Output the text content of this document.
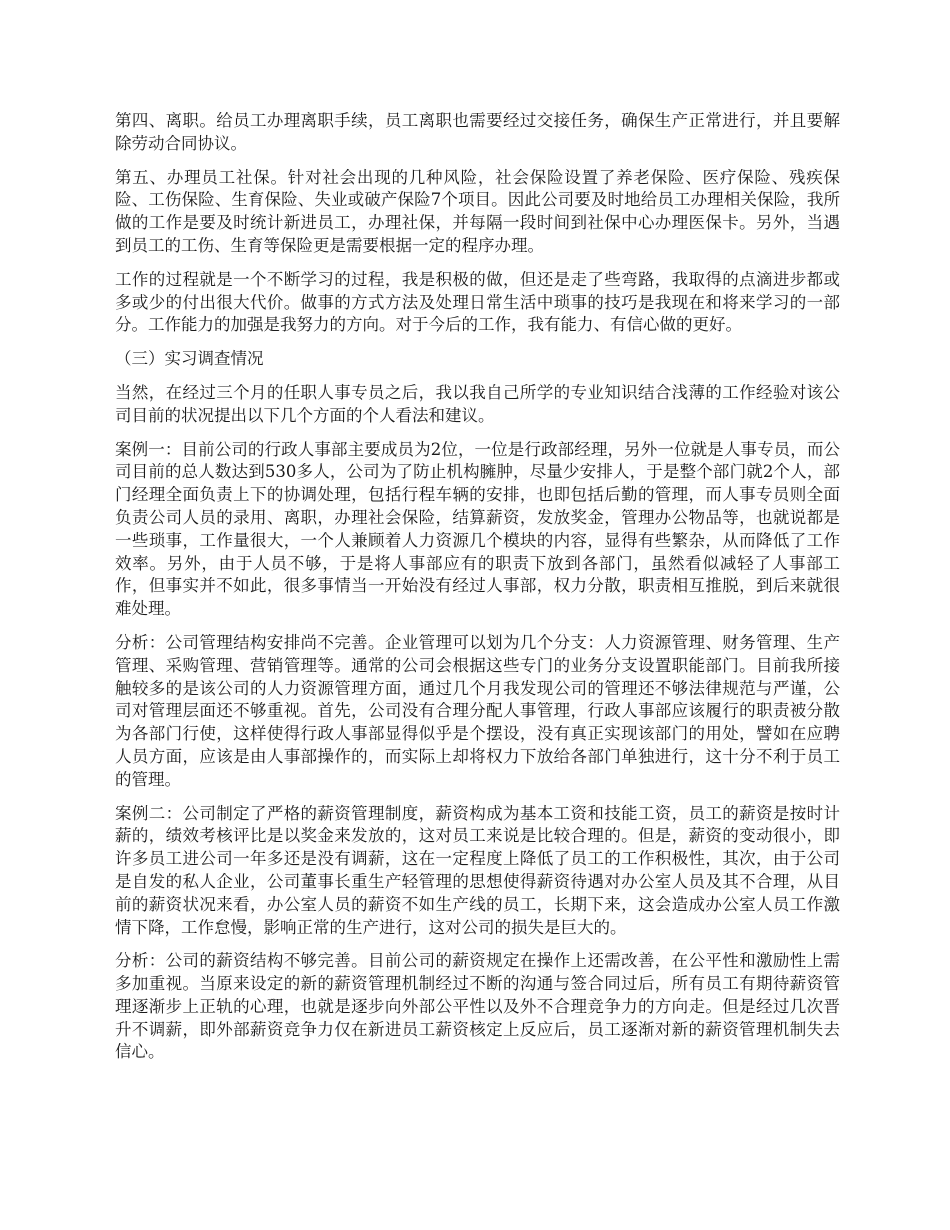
第四、离职。给员工办理离职手续，员工离职也需要经过交接任务，确保生产正常进行，并且要解除劳动合同协议。

第五、办理员工社保。针对社会出现的几种风险，社会保险设置了养老保险、医疗保险、残疾保险、工伤保险、生育保险、失业或破产保险7个项目。因此公司要及时地给员工办理相关保险，我所做的工作是要及时统计新进员工，办理社保，并每隔一段时间到社保中心办理医保卡。另外，当遇到员工的工伤、生育等保险更是需要根据一定的程序办理。

工作的过程就是一个不断学习的过程，我是积极的做，但还是走了些弯路，我取得的点滴进步都或多或少的付出很大代价。做事的方式方法及处理日常生活中琐事的技巧是我现在和将来学习的一部分。工作能力的加强是我努力的方向。对于今后的工作，我有能力、有信心做的更好。

（三）实习调查情况

当然，在经过三个月的任职人事专员之后，我以我自己所学的专业知识结合浅薄的工作经验对该公司目前的状况提出以下几个方面的个人看法和建议。

案例一：目前公司的行政人事部主要成员为2位，一位是行政部经理，另外一位就是人事专员，而公司目前的总人数达到530多人，公司为了防止机构臃肿，尽量少安排人，于是整个部门就2个人，部门经理全面负责上下的协调处理，包括行程车辆的安排，也即包括后勤的管理，而人事专员则全面负责公司人员的录用、离职，办理社会保险，结算薪资，发放奖金，管理办公物品等，也就说都是一些琐事，工作量很大，一个人兼顾着人力资源几个模块的内容，显得有些繁杂，从而降低了工作效率。另外，由于人员不够，于是将人事部应有的职责下放到各部门，虽然看似减轻了人事部工作，但事实并不如此，很多事情当一开始没有经过人事部，权力分散，职责相互推脱，到后来就很难处理。

分析：公司管理结构安排尚不完善。企业管理可以划为几个分支：人力资源管理、财务管理、生产管理、采购管理、营销管理等。通常的公司会根据这些专门的业务分支设置职能部门。目前我所接触较多的是该公司的人力资源管理方面，通过几个月我发现公司的管理还不够法律规范与严谨，公司对管理层面还不够重视。首先，公司没有合理分配人事管理，行政人事部应该履行的职责被分散为各部门行使，这样使得行政人事部显得似乎是个摆设，没有真正实现该部门的用处，譬如在应聘人员方面，应该是由人事部操作的，而实际上却将权力下放给各部门单独进行，这十分不利于员工的管理。

案例二：公司制定了严格的薪资管理制度，薪资构成为基本工资和技能工资，员工的薪资是按时计薪的，绩效考核评比是以奖金来发放的，这对员工来说是比较合理的。但是，薪资的变动很小，即许多员工进公司一年多还是没有调薪，这在一定程度上降低了员工的工作积极性，其次，由于公司是自发的私人企业，公司董事长重生产轻管理的思想使得薪资待遇对办公室人员及其不合理，从目前的薪资状况来看，办公室人员的薪资不如生产线的员工，长期下来，这会造成办公室人员工作激情下降，工作怠慢，影响正常的生产进行，这对公司的损失是巨大的。

分析：公司的薪资结构不够完善。目前公司的薪资规定在操作上还需改善，在公平性和激励性上需多加重视。当原来设定的新的薪资管理机制经过不断的沟通与签合同过后，所有员工有期待薪资管理逐渐步上正轨的心理，也就是逐步向外部公平性以及外不合理竞争力的方向走。但是经过几次晋升不调薪，即外部薪资竞争力仅在新进员工薪资核定上反应后，员工逐渐对新的薪资管理机制失去信心。
